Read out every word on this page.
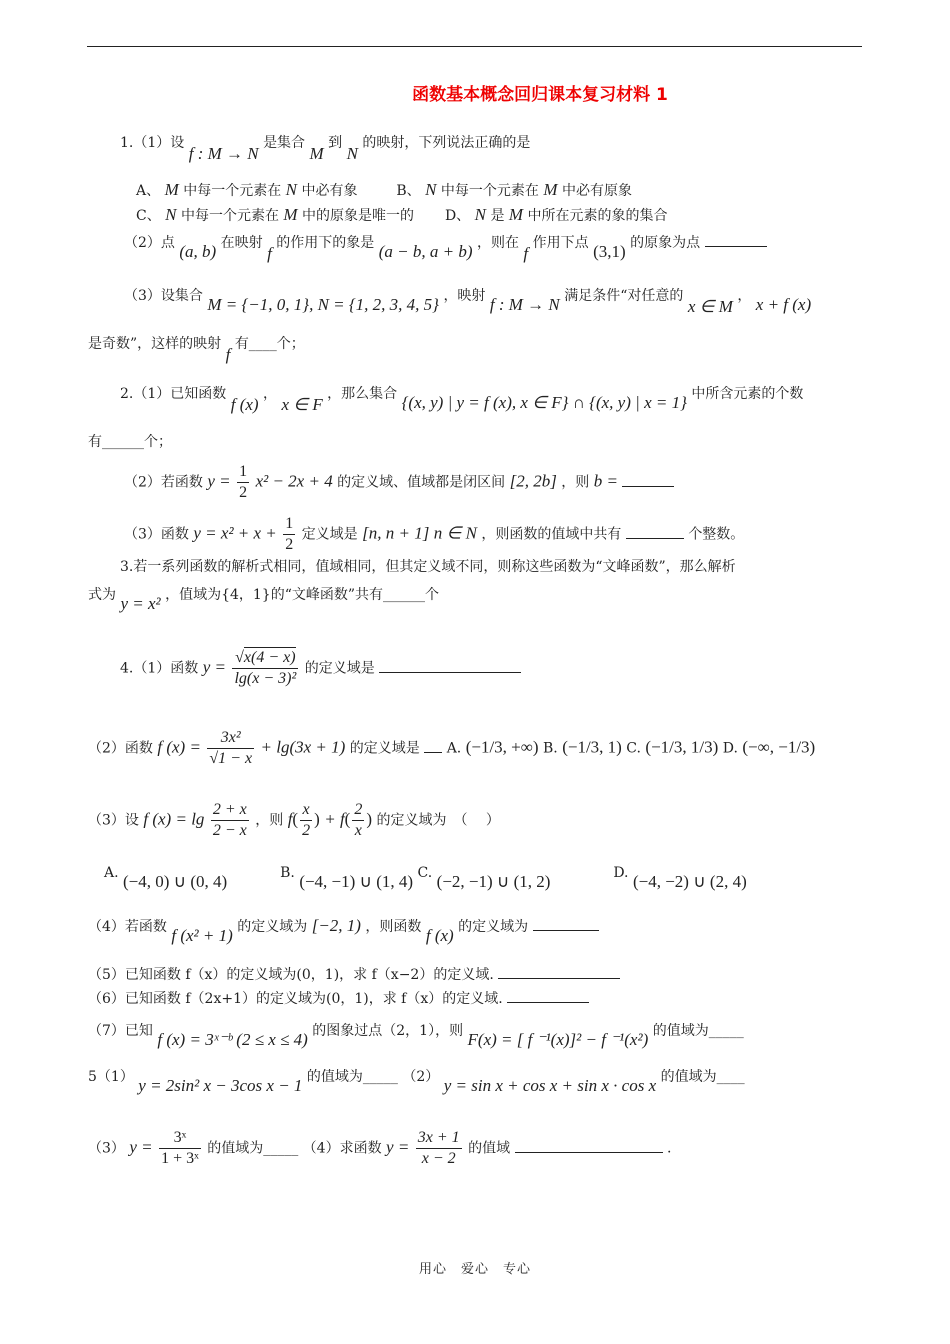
函数基本概念回归课本复习材料 1
1.（1）设 f : M → N 是集合 M 到 N 的映射，下列说法正确的是
A、 M 中每一个元素在 N 中必有象	B、 N 中每一个元素在 M 中必有原象
C、 N 中每一个元素在 M 中的原象是唯一的 D、 N 是 M 中所在元素的象的集合
（2）点 (a, b) 在映射 f 的作用下的象是 (a − b, a + b) ，则在 f 作用下点 (3,1) 的原象为点
（3）设集合 M = {−1, 0, 1}, N = {1, 2, 3, 4, 5} ，映射 f : M → N 满足条件“对任意的 x ∈ M ， x + f (x)
是奇数”，这样的映射 f 有____个；
2.（1）已知函数 f (x) ， x ∈ F ，那么集合 {(x, y) | y = f (x), x ∈ F} ∩ {(x, y) | x = 1} 中所含元素的个数
有______个；
（2）若函数 $y = \frac{1}{2} x^2 - 2x + 4$ 的定义域、值域都是闭区间 [2, 2b] ，则 b =
（3）函数 $y = x^2 + x + \frac{1}{2}$ 定义域是 [n, n + 1] n ∈ N ，则函数的值域中共有	个整数。
3.若一系列函数的解析式相同，值域相同，但其定义域不同，则称这些函数为“文峰函数”，那么解析
式为 y = x² ，值域为{4，1}的“文峰函数”共有______个
4.（1）函数 $y = \frac{√x(4 - x)}{\text{lg(x − 3)²}}$ 的定义域是
（2）函数 f $(x) = \frac{\text{3x²}}{√1 - x} + \lg(3x + 1)$ 的定义域是 A. (−1/3, +∞) B. (−1/3, 1) C. (−1/3, 1/3) D. (−∞, −1/3)
（3）设 f $(x) = \lg \frac{2 + x}{2 - x}$ ，则 $f( \frac{x}{2}$ ) + $f( \frac{2}{x}$ ) 的定义域为　（　 ）
A. (−4, 0) ∪ (0, 4)	B. (−4, −1) ∪ (1, 4) C. (−2, −1) ∪ (1, 2)	D. (−4, −2) ∪ (2, 4)
（4）若函数 f (x² + 1) 的定义域为 [−2, 1) ，则函数 f (x) 的定义域为
（5）已知函数 f（x）的定义域为(0，1)，求 f（x−2）的定义域.
（6）已知函数 f（2x+1）的定义域为(0，1)，求 f（x）的定义域.
（7）已知 f (x) = 3ˣ⁻ᵇ (2 ≤ x ≤ 4) 的图象过点（2，1），则 F(x) = [ f ⁻¹(x)]² − f ⁻¹(x²) 的值域为_____
5（1） y = 2sin² x − 3cos x − 1 的值域为_____ （2） y = sin x + cos x + sin x · cos x 的值域为____
（3） $y = \frac{\text{3ˣ}}{\text{1 + 3ˣ}}$ 的值域为_____ （4）求函数 $y = \frac{3x + 1}{x - 2}$ 的值域	.
用心　爱心　专心
